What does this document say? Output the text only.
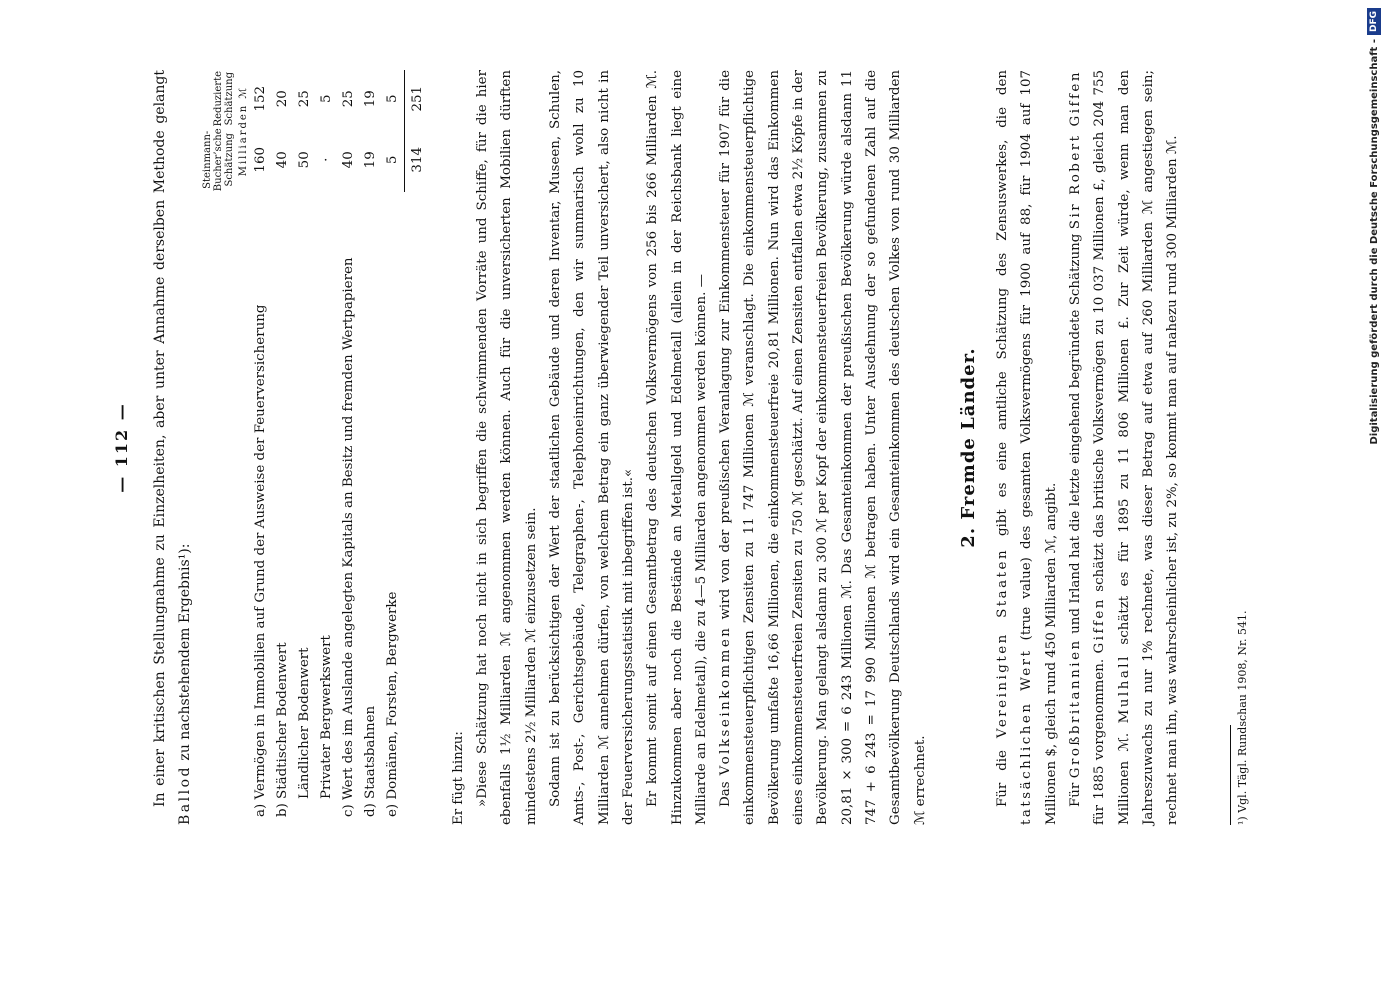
— 112 — In einer kritischen Stellungnahme zu Einzelheiten, aber unter Annahme derselben Methode gelangt Ballod zu nachstehendem Ergebnis¹):

	Steinmann-Bucher’sche Schätzung	Reduzierte Schätzung
	Milliarden ℳ	
a) Vermögen in Immobilien auf Grund der Ausweise der Feuerversicherung	160	152
b) Städtischer Bodenwert	40	20
Ländlicher Bodenwert	50	25
Privater Bergwerkswert	·	5
c) Wert des im Auslande angelegten Kapitals an Besitz und fremden Wertpapieren	40	25
d) Staatsbahnen	19	19
e) Domänen, Forsten, Bergwerke	5	5
	314	251

Er fügt hinzu: »Diese Schätzung hat noch nicht in sich begriffen die schwimmenden Vorräte und Schiffe, für die hier ebenfalls 1½ Milliarden ℳ angenommen werden können. Auch für die unversicherten Mobilien dürften mindestens 2½ Milliarden ℳ einzusetzen sein. Sodann ist zu berücksichtigen der Wert der staatlichen Gebäude und deren Inventar, Museen, Schulen, Amts-, Post-, Gerichtsgebäude, Telegraphen-, Telephoneinrichtungen, den wir summarisch wohl zu 10 Milliarden ℳ annehmen dürfen, von welchem Betrag ein ganz überwiegender Teil unversichert, also nicht in der Feuerversicherungsstatistik mit inbegriffen ist.« Er kommt somit auf einen Gesamtbetrag des deutschen Volksvermögens von 256 bis 266 Milliarden ℳ. Hinzukommen aber noch die Bestände an Metallgeld und Edelmetall (allein in der Reichsbank liegt eine Milliarde an Edelmetall), die zu 4—5 Milliarden angenommen werden können. — Das Volkseinkommen wird von der preußischen Veranlagung zur Einkommensteuer für 1907 für die einkommensteuerpflichtigen Zensiten zu 11 747 Millionen ℳ veranschlagt. Die einkommensteuerpflichtige Bevölkerung umfaßte 16,66 Millionen, die einkommensteuerfreie 20,81 Millionen. Nun wird das Einkommen eines einkommensteuerfreien Zensiten zu 750 ℳ geschätzt. Auf einen Zensiten entfallen etwa 2½ Köpfe in der Bevölkerung. Man gelangt alsdann zu 300 ℳ per Kopf der einkommensteuerfreien Bevölkerung, zusammen zu 20,81 × 300 = 6 243 Millionen ℳ. Das Gesamteinkommen der preußischen Bevölkerung würde alsdann 11 747 + 6 243 = 17 990 Millionen ℳ betragen haben. Unter Ausdehnung der so gefundenen Zahl auf die Gesamtbevölkerung Deutschlands wird ein Gesamteinkommen des deutschen Volkes von rund 30 Milliarden ℳ errechnet.

2. Fremde Länder.

Für die Vereinigten Staaten gibt es eine amtliche Schätzung des Zensuswerkes, die den tatsächlichen Wert (true value) des gesamten Volksvermögens für 1900 auf 88, für 1904 auf 107 Millionen $, gleich rund 450 Milliarden ℳ, angibt. Für Großbritannien und Irland hat die letzte eingehend begründete Schätzung Sir Robert Giffen für 1885 vorgenommen. Giffen schätzt das britische Volksvermögen zu 10 037 Millionen £, gleich 204 755 Millionen ℳ. Mulhall schätzt es für 1895 zu 11 806 Millionen £. Zur Zeit würde, wenn man den Jahreszuwachs zu nur 1% rechnete, was dieser Betrag auf etwa auf 260 Milliarden ℳ angestiegen sein; rechnet man ihn, was wahrscheinlicher ist, zu 2%, so kommt man auf nahezu rund 300 Milliarden ℳ.	¹) Vgl. Tägl. Rundschau 1908, Nr. 541.
Digitalisierung gefördert durch die Deutsche Forschungsgemeinschaft -
DFG
